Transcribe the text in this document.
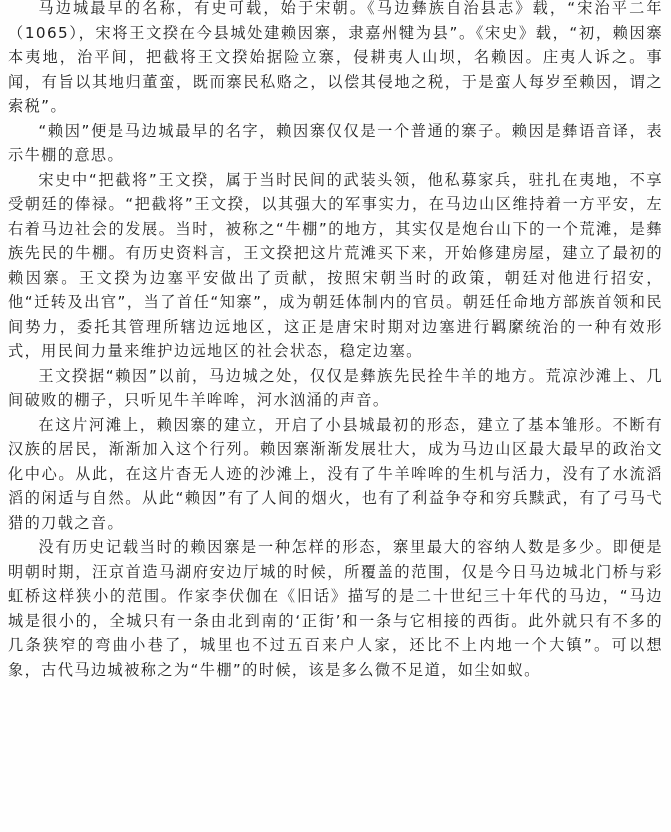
马边城最早的名称，有史可载，始于宋朝。《马边彝族自治县志》载，“宋治平二年（1065），宋将王文揆在今县城处建赖因寨，隶嘉州犍为县”。《宋史》载，“初，赖因寨本夷地，治平间，把截将王文揆始据险立寨，侵耕夷人山坝，名赖因。庄夷人诉之。事闻，有旨以其地归董蛮，既而寨民私赂之，以偿其侵地之税，于是蛮人每岁至赖因，谓之索税”。

“赖因”便是马边城最早的名字，赖因寨仅仅是一个普通的寨子。赖因是彝语音译，表示牛棚的意思。

宋史中“把截将”王文揆，属于当时民间的武装头领，他私募家兵，驻扎在夷地，不享受朝廷的俸禄。“把截将”王文揆，以其强大的军事实力，在马边山区维持着一方平安，左右着马边社会的发展。当时，被称之“牛棚”的地方，其实仅是炮台山下的一个荒滩，是彝族先民的牛棚。有历史资料言，王文揆把这片荒滩买下来，开始修建房屋，建立了最初的赖因寨。王文揆为边塞平安做出了贡献，按照宋朝当时的政策，朝廷对他进行招安，他“迁转及出官”，当了首任“知寨”，成为朝廷体制内的官员。朝廷任命地方部族首领和民间势力，委托其管理所辖边远地区，这正是唐宋时期对边塞进行羁縻统治的一种有效形式，用民间力量来维护边远地区的社会状态，稳定边塞。

王文揆据“赖因”以前，马边城之处，仅仅是彝族先民拴牛羊的地方。荒凉沙滩上、几间破败的棚子，只听见牛羊哞哞，河水汹涌的声音。

在这片河滩上，赖因寨的建立，开启了小县城最初的形态，建立了基本雏形。不断有汉族的居民，渐渐加入这个行列。赖因寨渐渐发展壮大，成为马边山区最大最早的政治文化中心。从此，在这片杳无人迹的沙滩上，没有了牛羊哞哞的生机与活力，没有了水流滔滔的闲适与自然。从此“赖因”有了人间的烟火，也有了利益争夺和穷兵黩武，有了弓马弋猎的刀戟之音。

没有历史记载当时的赖因寨是一种怎样的形态，寨里最大的容纳人数是多少。即便是明朝时期，汪京首造马湖府安边厅城的时候，所覆盖的范围，仅是今日马边城北门桥与彩虹桥这样狭小的范围。作家李伏伽在《旧话》描写的是二十世纪三十年代的马边，“马边城是很小的，全城只有一条由北到南的‘正街’和一条与它相接的西街。此外就只有不多的几条狭窄的弯曲小巷了，城里也不过五百来户人家，还比不上内地一个大镇”。可以想象，古代马边城被称之为“牛棚”的时候，该是多么微不足道，如尘如蚁。
